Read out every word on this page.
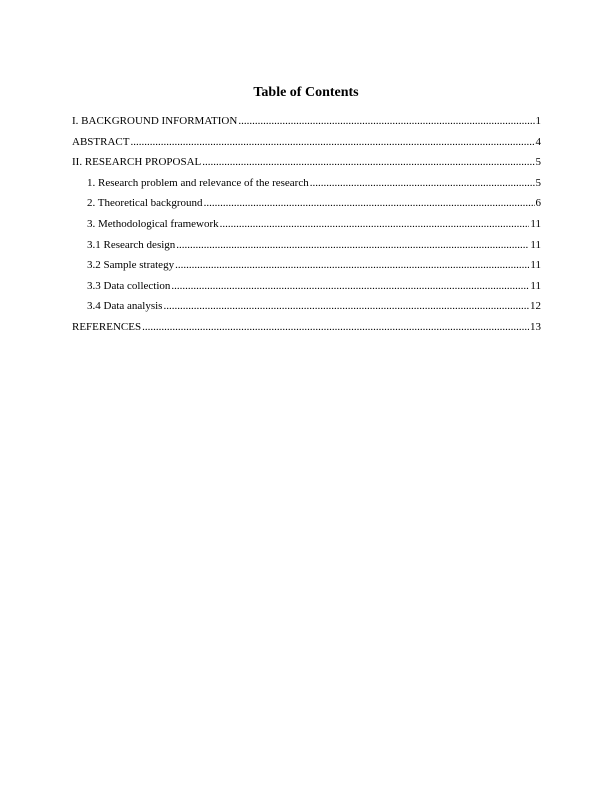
Table of Contents
I. BACKGROUND INFORMATION .....	1
ABSTRACT .....	4
II. RESEARCH PROPOSAL .....	5
1. Research problem and relevance of the research .....	5
2. Theoretical background .....	6
3. Methodological framework .....	11
3.1 Research design .....	11
3.2 Sample strategy .....	11
3.3 Data collection .....	11
3.4 Data analysis .....	12
REFERENCES .....	13
